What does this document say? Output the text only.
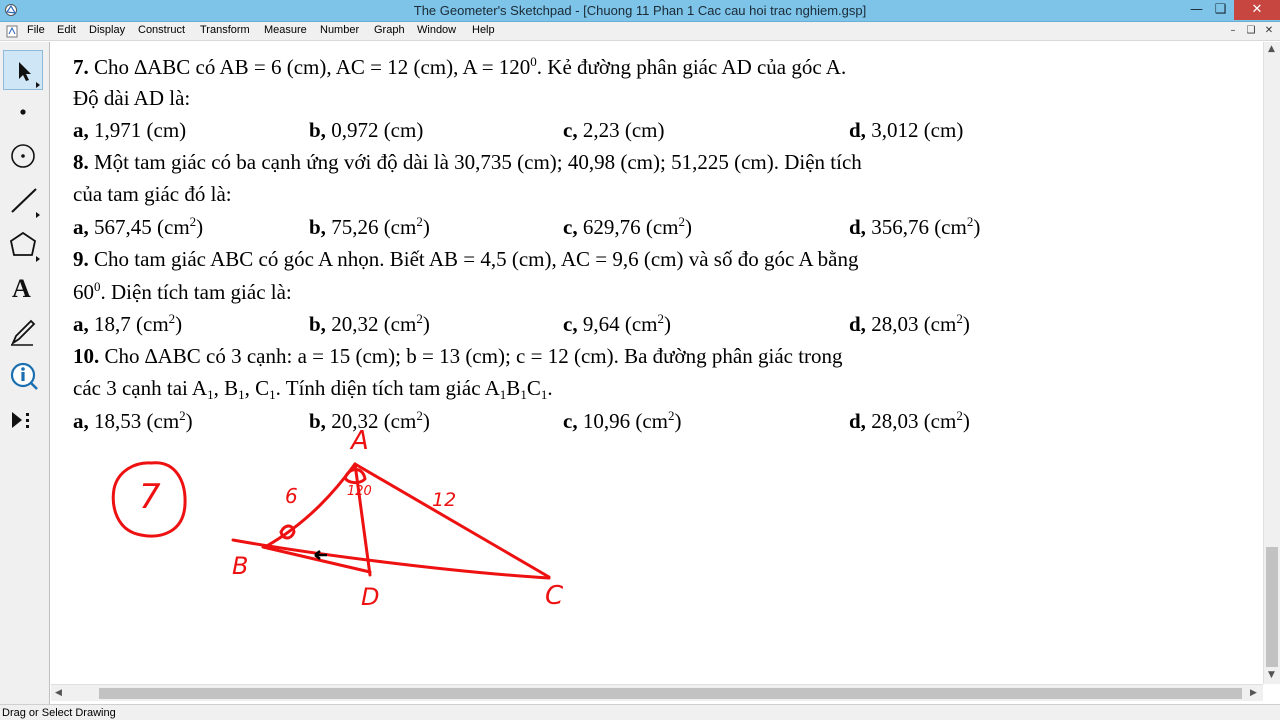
The Geometer's Sketchpad - [Chuong 11 Phan 1 Cac cau hoi trac nghiem.gsp]	— ❑	✕
File Edit Display Construct Transform Measure Number Graph Window Help	–	❑ ✕
A
7. Cho ∆ABC có AB = 6 (cm), AC = 12 (cm), $A = 120^0$. Kẻ đường phân giác AD của góc A.
Độ dài AD là:
a, 1,971 (cm)	b, 0,972 (cm)	c, 2,23 (cm)	d, 3,012 (cm)
8. Một tam giác có ba cạnh ứng với độ dài là 30,735 (cm); 40,98 (cm); 51,225 (cm). Diện tích
của tam giác đó là:
a, 567,45 $(cm^2)$	b, 75,26 $(cm^2)$	c, 629,76 $(cm^2)$	d, 356,76 $(cm^2)$
9. Cho tam giác ABC có góc A nhọn. Biết AB = 4,5 (cm), AC = 9,6 (cm) và số đo góc A bằng
$60^0$. Diện tích tam giác là:
a, 18,7 $(cm^2)$	b, 20,32 $(cm^2)$	c, 9,64 $(cm^2)$	d, 28,03 $(cm^2)$
10. Cho ∆ABC có 3 cạnh: a = 15 (cm); b = 13 (cm); c = 12 (cm). Ba đường phân giác trong
các 3 cạnh tai $A_1$, $B_1$, $C_1$. Tính diện tích tam giác $A_1B_1C_1$.
a, 18,53 $(cm^2)$	b, 20,32 $(cm^2)$	c, 10,96 $(cm^2)$	d, 28,03 $(cm^2)$
7
A
B
C
D
6	12
120
▲
▼
◀	▶
Drag or Select Drawing
